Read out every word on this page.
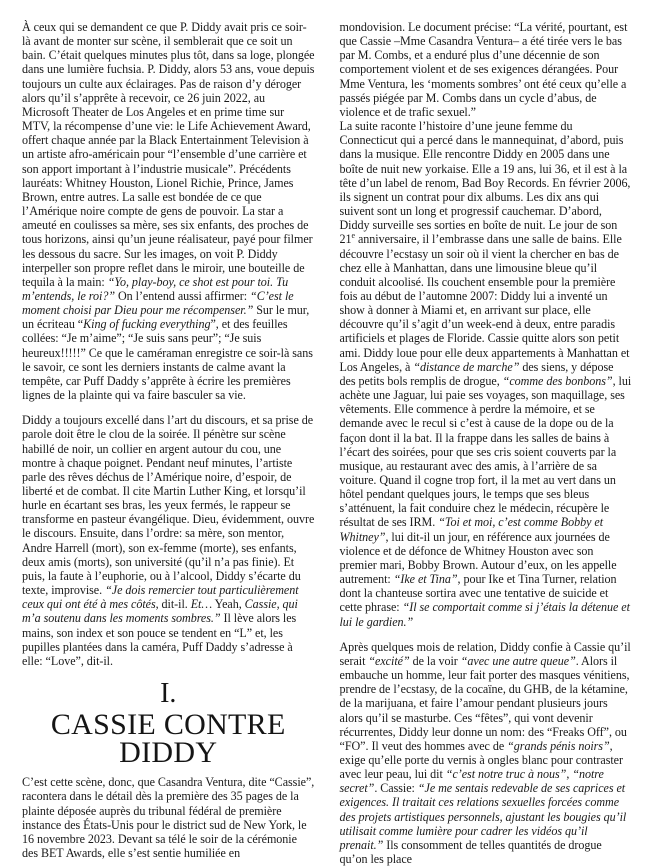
À ceux qui se demandent ce que P. Diddy avait pris ce soir-là avant de monter sur scène, il semblerait que ce soit un bain. C’était quelques minutes plus tôt, dans sa loge, plongée dans une lumière fuchsia. P. Diddy, alors 53 ans, voue depuis toujours un culte aux éclairages. Pas de raison d’y déroger alors qu’il s’apprête à recevoir, ce 26 juin 2022, au Microsoft Theater de Los Angeles et en prime time sur MTV, la récompense d’une vie: le Life Achievement Award, offert chaque année par la Black Entertainment Television à un artiste afro-américain pour “l’ensemble d’une carrière et son apport important à l’industrie musicale”. Précédents lauréats: Whitney Houston, Lionel Richie, Prince, James Brown, entre autres. La salle est bondée de ce que l’Amérique noire compte de gens de pouvoir. La star a ameuté en coulisses sa mère, ses six enfants, des proches de tous horizons, ainsi qu’un jeune réalisateur, payé pour filmer les dessous du sacre. Sur les images, on voit P. Diddy interpeller son propre reflet dans le miroir, une bouteille de tequila à la main: “Yo, play-boy, ce shot est pour toi. Tu m’entends, le roi?” On l’entend aussi affirmer: “C’est le moment choisi par Dieu pour me récompenser.” Sur le mur, un écriteau “King of fucking everything”, et des feuilles collées: “Je m’aime”; “Je suis sans peur”; “Je suis heureux!!!!!” Ce que le caméraman enregistre ce soir-là sans le savoir, ce sont les derniers instants de calme avant la tempête, car Puff Daddy s’apprête à écrire les premières lignes de la plainte qui va faire basculer sa vie.

Diddy a toujours excellé dans l’art du discours, et sa prise de parole doit être le clou de la soirée. Il pénètre sur scène habillé de noir, un collier en argent autour du cou, une montre à chaque poignet. Pendant neuf minutes, l’artiste parle des rêves déchus de l’Amérique noire, d’espoir, de liberté et de combat. Il cite Martin Luther King, et lorsqu’il hurle en écartant ses bras, les yeux fermés, le rappeur se transforme en pasteur évangélique. Dieu, évidemment, ouvre le discours. Ensuite, dans l’ordre: sa mère, son mentor, Andre Harrell (mort), son ex-femme (morte), ses enfants, deux amis (morts), son université (qu’il n’a pas finie). Et puis, la faute à l’euphorie, ou à l’alcool, Diddy s’écarte du texte, improvise. “Je dois remercier tout particulièrement ceux qui ont été à mes côtés, dit-il. Et… Yeah, Cassie, qui m’a soutenu dans les moments sombres.” Il lève alors les mains, son index et son pouce se tendent en “L” et, les pupilles plantées dans la caméra, Puff Daddy s’adresse à elle: “Love”, dit-il.

I.
CASSIE CONTRE DIDDY

C’est cette scène, donc, que Casandra Ventura, dite “Cassie”, racontera dans le détail dès la première des 35 pages de la plainte déposée auprès du tribunal fédéral de première instance des États-Unis pour le district sud de New York, le 16 novembre 2023. Devant sa télé le soir de la cérémonie des BET Awards, elle s’est sentie humiliée en

mondovision. Le document précise: “La vérité, pourtant, est que Cassie –Mme Casandra Ventura– a été tirée vers le bas par M. Combs, et a enduré plus d’une décennie de son comportement violent et de ses exigences dérangées. Pour Mme Ventura, les ‘moments sombres’ ont été ceux qu’elle a passés piégée par M. Combs dans un cycle d’abus, de violence et de trafic sexuel.”
La suite raconte l’histoire d’une jeune femme du Connecticut qui a percé dans le mannequinat, d’abord, puis dans la musique. Elle rencontre Diddy en 2005 dans une boîte de nuit new yorkaise. Elle a 19 ans, lui 36, et il est à la tête d’un label de renom, Bad Boy Records. En février 2006, ils signent un contrat pour dix albums. Les dix ans qui suivent sont un long et progressif cauchemar. D’abord, Diddy surveille ses sorties en boîte de nuit. Le jour de son 21e anniversaire, il l’embrasse dans une salle de bains. Elle découvre l’ecstasy un soir où il vient la chercher en bas de chez elle à Manhattan, dans une limousine bleue qu’il conduit alcoolisé. Ils couchent ensemble pour la première fois au début de l’automne 2007: Diddy lui a inventé un show à donner à Miami et, en arrivant sur place, elle découvre qu’il s’agit d’un week-end à deux, entre paradis artificiels et plages de Floride. Cassie quitte alors son petit ami. Diddy loue pour elle deux appartements à Manhattan et Los Angeles, à “distance de marche” des siens, y dépose des petits bols remplis de drogue, “comme des bonbons”, lui achète une Jaguar, lui paie ses voyages, son maquillage, ses vêtements. Elle commence à perdre la mémoire, et se demande avec le recul si c’est à cause de la dope ou de la façon dont il la bat. Il la frappe dans les salles de bains à l’écart des soirées, pour que ses cris soient couverts par la musique, au restaurant avec des amis, à l’arrière de sa voiture. Quand il cogne trop fort, il la met au vert dans un hôtel pendant quelques jours, le temps que ses bleus s’atténuent, la fait conduire chez le médecin, récupère le résultat de ses IRM. “Toi et moi, c’est comme Bobby et Whitney”, lui dit-il un jour, en référence aux journées de violence et de défonce de Whitney Houston avec son premier mari, Bobby Brown. Autour d’eux, on les appelle autrement: “Ike et Tina”, pour Ike et Tina Turner, relation dont la chanteuse sortira avec une tentative de suicide et cette phrase: “Il se comportait comme si j’étais la détenue et lui le gardien.”

Après quelques mois de relation, Diddy confie à Cassie qu’il serait “excité” de la voir “avec une autre queue”. Alors il embauche un homme, leur fait porter des masques vénitiens, prendre de l’ecstasy, de la cocaïne, du GHB, de la kétamine, de la marijuana, et faire l’amour pendant plusieurs jours alors qu’il se masturbe. Ces “fêtes”, qui vont devenir récurrentes, Diddy leur donne un nom: des “Freaks Off”, ou “FO”. Il veut des hommes avec de “grands pénis noirs”, exige qu’elle porte du vernis à ongles blanc pour contraster avec leur peau, lui dit “c’est notre truc à nous”, “notre secret”. Cassie: “Je me sentais redevable de ses caprices et exigences. Il traitait ces relations sexuelles forcées comme des projets artistiques personnels, ajustant les bougies qu’il utilisait comme lumière pour cadrer les vidéos qu’il prenait.” Ils consomment de telles quantités de drogue qu’on les place
